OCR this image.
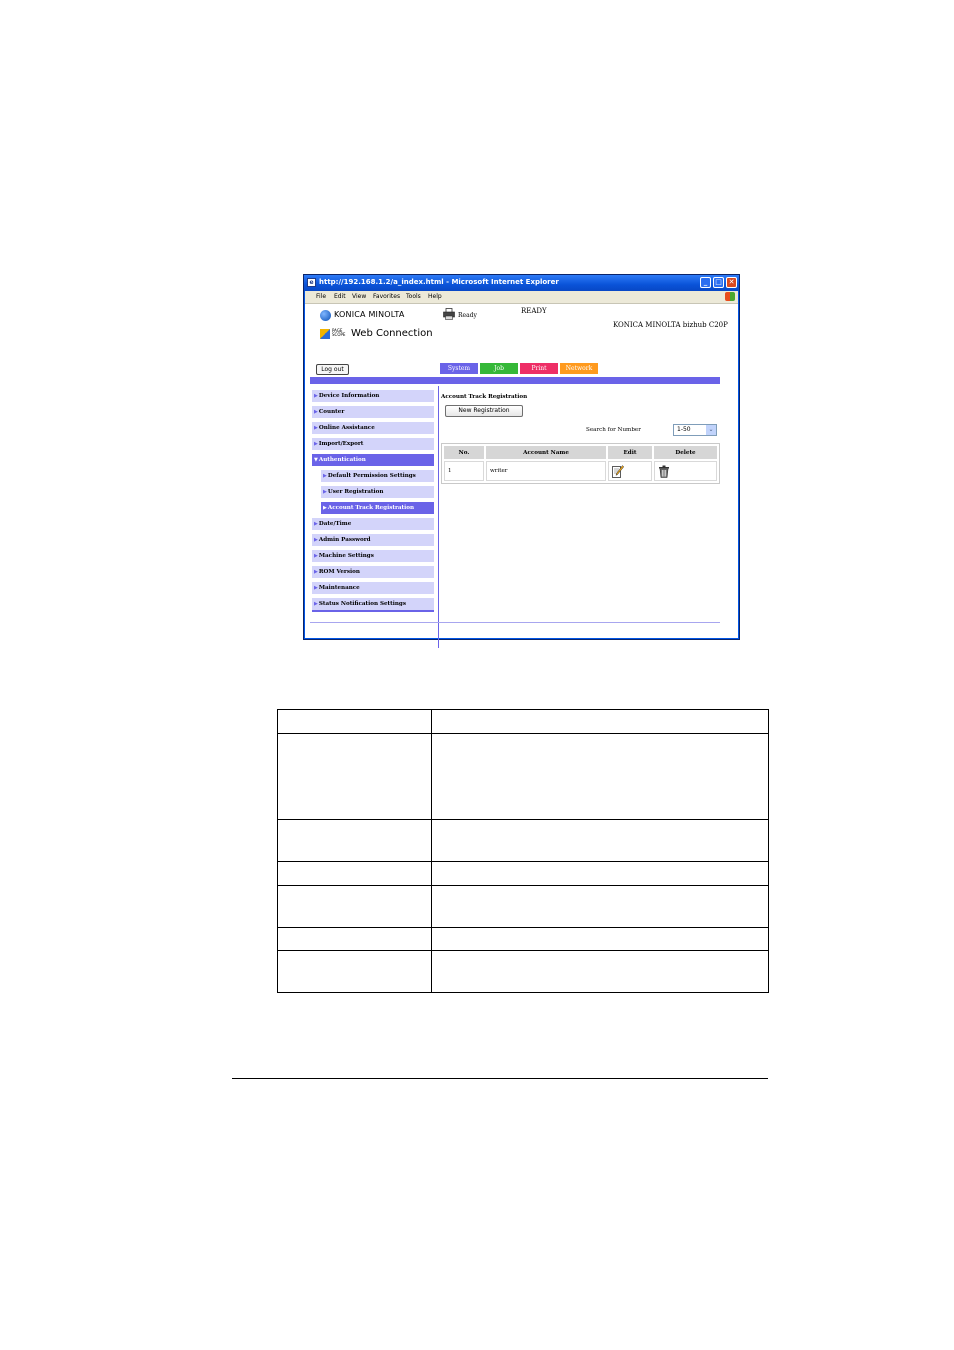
e http://192.168.1.2/a_index.html - Microsoft Internet Explorer	_	□ ✕
File Edit View Favorites Tools Help
KONICA MINOLTA
PAGE
SCOPE Web Connection
Ready
READY
KONICA MINOLTA bizhub C20P
Log out	System	Job	Print	Network
▶Device Information
▶Counter
▶Online Assistance
▶Import/Export
▼Authentication
▶Default Permission Settings
▶User Registration
▶Account Track Registration
▶Date/Time
▶Admin Password
▶Machine Settings
▶ROM Version
▶Maintenance
▶Status Notification Settings
Account Track Registration
New Registration
Search for Number	1-50	⌄
No.	Account Name	Edit	Delete
1	writer		
